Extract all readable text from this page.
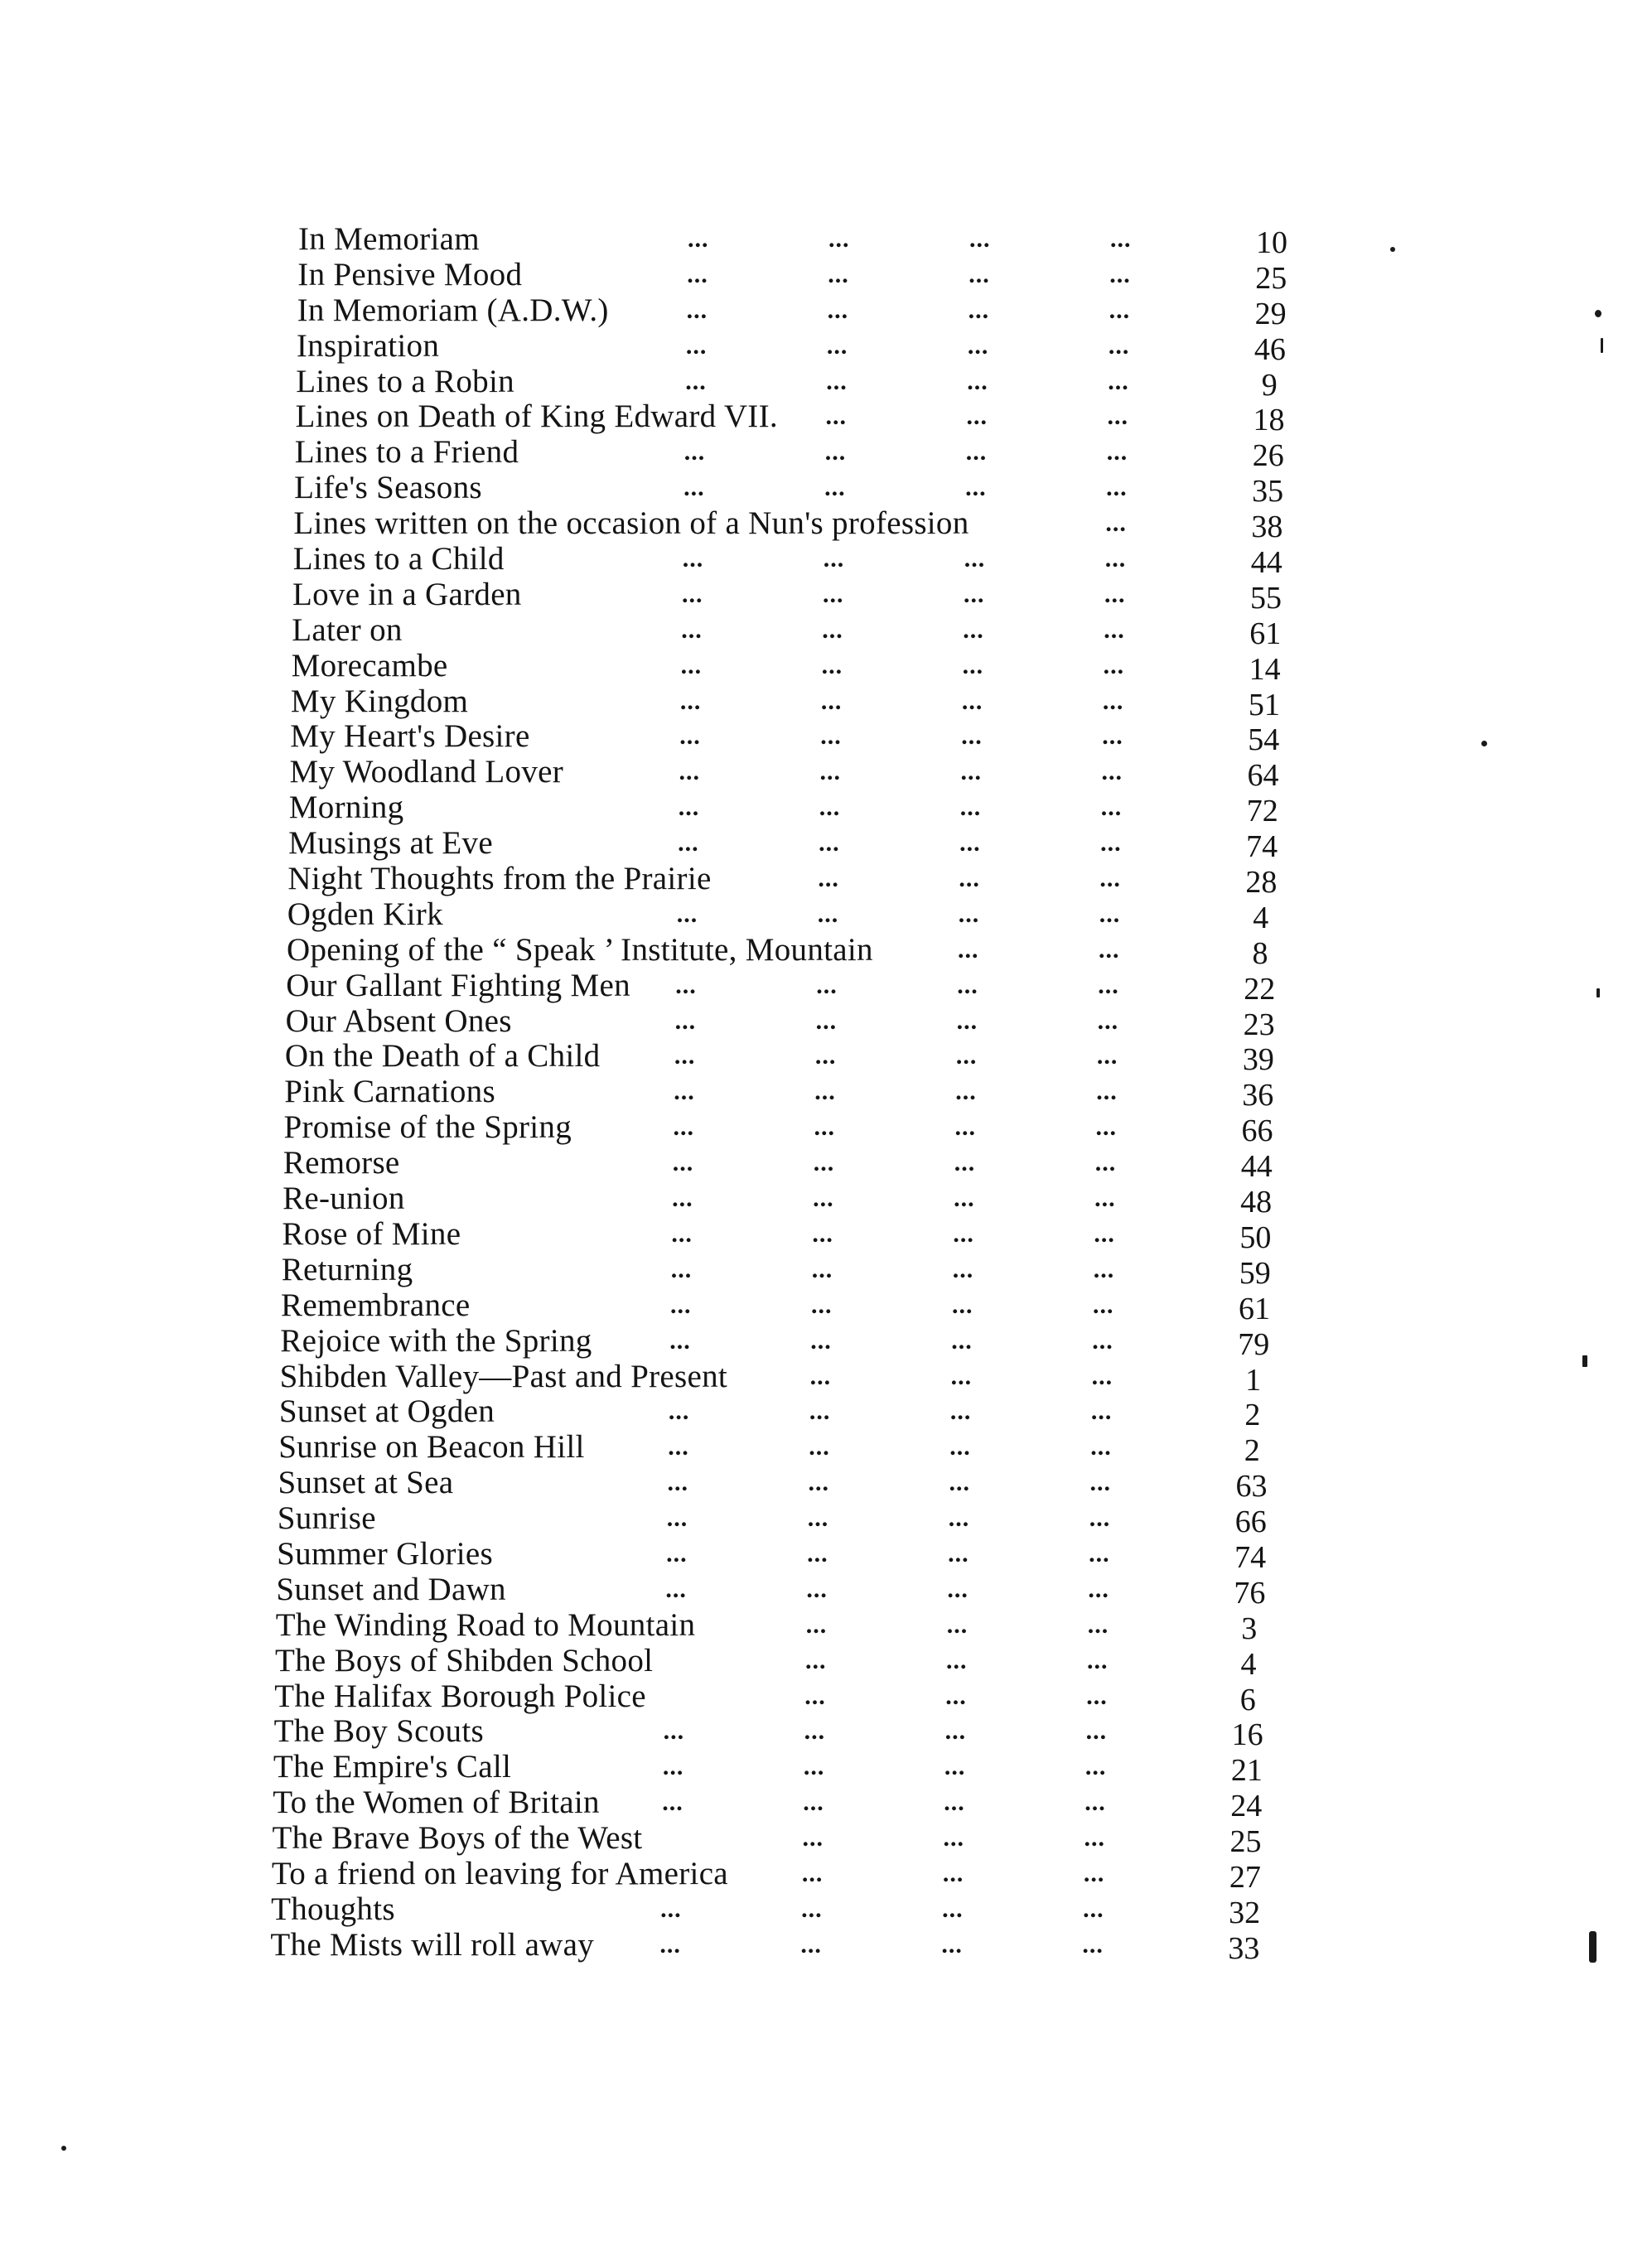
In Memoriam	...	...	...	...	10
In Pensive Mood	...	...	...	...	25
In Memoriam (A.D.W.)	...	...	...	...	29
Inspiration	...	...	...	...	46
Lines to a Robin	...	...	...	...	9
Lines on Death of King Edward VII. ...	...	...	18
Lines to a Friend	...	...	...	...	26
Life's Seasons	...	...	...	...	35
Lines written on the occasion of a Nun's profession	...	38
Lines to a Child	...	...	...	...	44
Love in a Garden	...	...	...	...	55
Later on	...	...	...	...	61
Morecambe	...	...	...	...	14
My Kingdom	...	...	...	...	51
My Heart's Desire	...	...	...	...	54
My Woodland Lover	...	...	...	...	64
Morning	...	...	...	...	72
Musings at Eve	...	...	...	...	74
Night Thoughts from the Prairie	...	...	...	28
Ogden Kirk	...	...	...	...	4
Opening of the “ Speak ’ Institute, Mountain	...	...	8
Our Gallant Fighting Men ...	...	...	...	22
Our Absent Ones	...	...	...	...	23
On the Death of a Child	...	...	...	...	39
Pink Carnations	...	...	...	...	36
Promise of the Spring	...	...	...	...	66
Remorse	...	...	...	...	44
Re-union	...	...	...	...	48
Rose of Mine	...	...	...	...	50
Returning	...	...	...	...	59
Remembrance	...	...	...	...	61
Rejoice with the Spring	...	...	...	...	79
Shibden Valley—Past and Present	...	...	...	1
Sunset at Ogden	...	...	...	...	2
Sunrise on Beacon Hill	...	...	...	...	2
Sunset at Sea	...	...	...	...	63
Sunrise	...	...	...	...	66
Summer Glories	...	...	...	...	74
Sunset and Dawn	...	...	...	...	76
The Winding Road to Mountain	...	...	...	3
The Boys of Shibden School	...	...	...	4
The Halifax Borough Police	...	...	...	6
The Boy Scouts	...	...	...	...	16
The Empire's Call	...	...	...	...	21
To the Women of Britain	...	...	...	...	24
The Brave Boys of the West	...	...	...	25
To a friend on leaving for America	...	...	...	27
Thoughts	...	...	...	...	32
The Mists will roll away	...	...	...	...	33
